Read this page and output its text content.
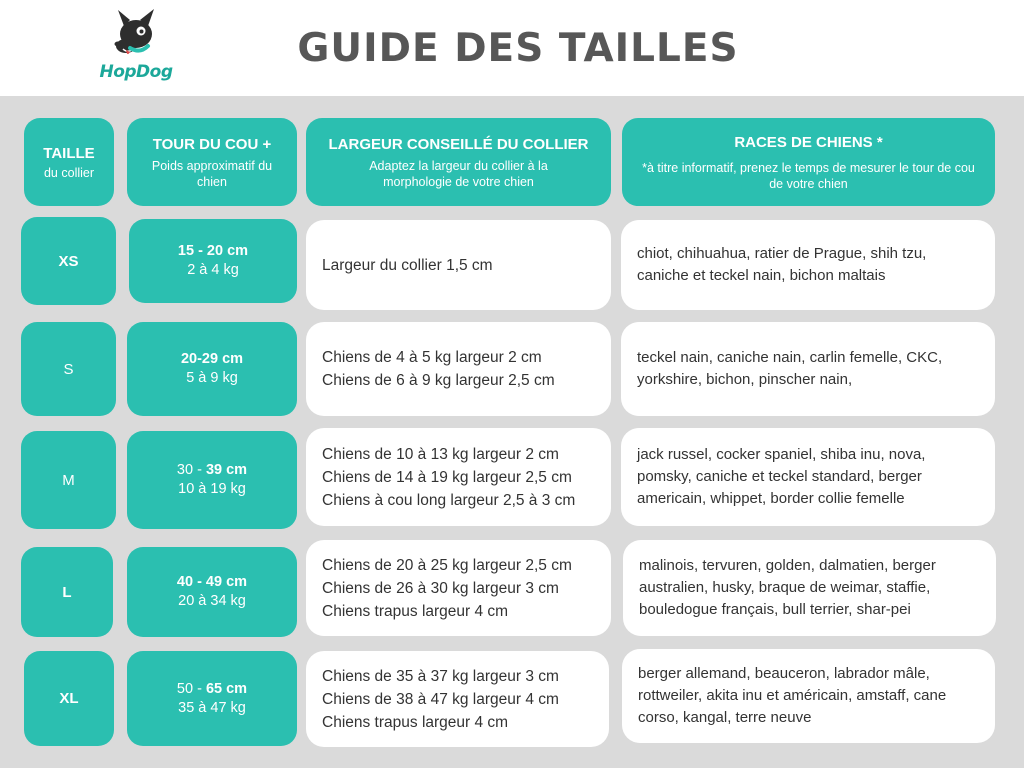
HopDog
GUIDE DES TAILLES
TAILLE
du collier
TOUR DU COU +
Poids approximatif du chien
LARGEUR CONSEILLÉ DU COLLIER
Adaptez la largeur du collier à la morphologie de votre chien
RACES DE CHIENS *
*à titre informatif, prenez le temps de mesurer le tour de cou de votre chien
XS
15 - 20 cm
2 à 4 kg	Largeur du collier 1,5 cm
chiot, chihuahua, ratier de Prague, shih tzu, caniche et teckel nain, bichon maltais
S
20-29 cm
5 à 9 kg
Chiens de 4 à 5 kg largeur 2 cm
Chiens de 6 à 9 kg largeur 2,5 cm
teckel nain, caniche nain, carlin femelle, CKC, yorkshire, bichon, pinscher nain,
M
30 - 39 cm
10 à 19 kg
Chiens de 10 à 13 kg largeur 2 cm
Chiens de 14 à 19 kg largeur 2,5 cm
Chiens à cou long largeur 2,5 à 3 cm
jack russel, cocker spaniel, shiba inu, nova, pomsky, caniche et teckel standard, berger americain, whippet, border collie femelle
L
40 - 49 cm
20 à 34 kg
Chiens de 20 à 25 kg largeur 2,5 cm
Chiens de 26 à 30 kg largeur 3 cm
Chiens trapus largeur 4 cm
malinois, tervuren, golden, dalmatien, berger australien, husky, braque de weimar, staffie, bouledogue français, bull terrier, shar-pei
XL
50 - 65 cm
35 à 47 kg
Chiens de 35 à 37 kg largeur 3 cm
Chiens de 38 à 47 kg largeur 4 cm
Chiens trapus largeur 4 cm
berger allemand, beauceron, labrador mâle, rottweiler, akita inu et américain, amstaff, cane corso, kangal, terre neuve
